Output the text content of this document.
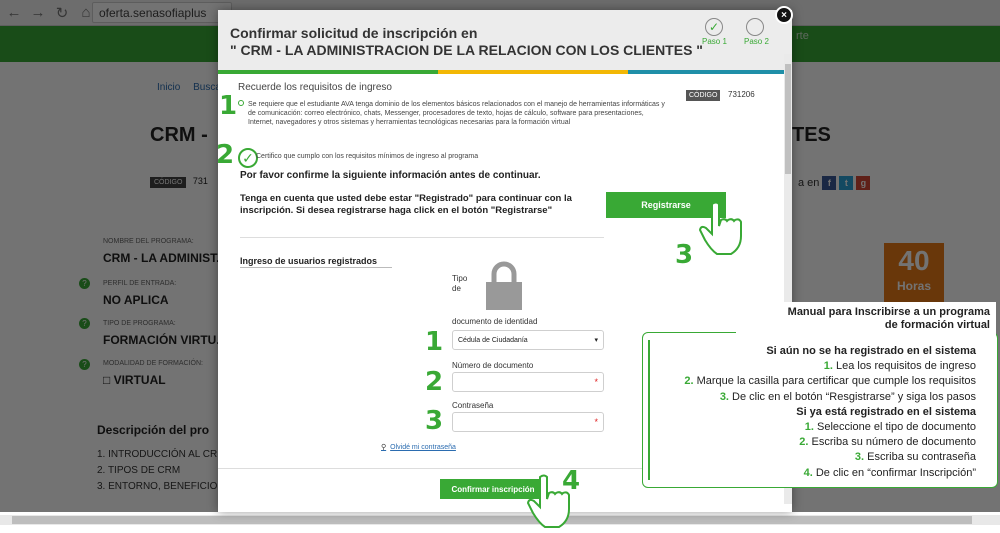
Confirmar solicitud de inscripción en
" CRM - LA ADMINISTRACION DE LA RELACION CON LOS CLIENTES "
✓
Paso 1 Paso 2
Recuerde los requisitos de ingreso
CÓDIGO	731206
Se requiere que el estudiante AVA tenga dominio de los elementos básicos relacionados con el manejo de herramientas informáticas y de comunicación: correo electrónico, chats, Messenger, procesadores de texto, hojas de cálculo, software para presentaciones, Internet, navegadores y otros sistemas y herramientas tecnológicas necesarias para la formación virtual
✓ Certifico que cumplo con los requisitos mínimos de ingreso al programa
Por favor confirme la siguiente información antes de continuar.
Tenga en cuenta que usted debe estar "Registrado" para continuar con la inscripción. Si desea registrarse haga click en el botón "Registrarse"	Registrarse
Ingreso de usuarios registrados
Tipo
de
documento de identidad
Cédula de Ciudadanía	▾
Número de documento
*
Contraseña
*
⚲ Olvidé mi contraseña
Confirmar inscripción
×
1
2
3
1
2
3
4
Manual para Inscribirse a un programa
de formación virtual
Si aún no se ha registrado en el sistema
1. Lea los requisitos de ingreso
2. Marque la casilla para certificar que cumple los requisitos
3. De clic en el botón “Resgistrarse” y siga los pasos
Si ya está registrado en el sistema
1. Seleccione el tipo de documento
2. Escriba su número de documento
3. Escriba su contraseña
4. De clic en “confirmar Inscripción”
